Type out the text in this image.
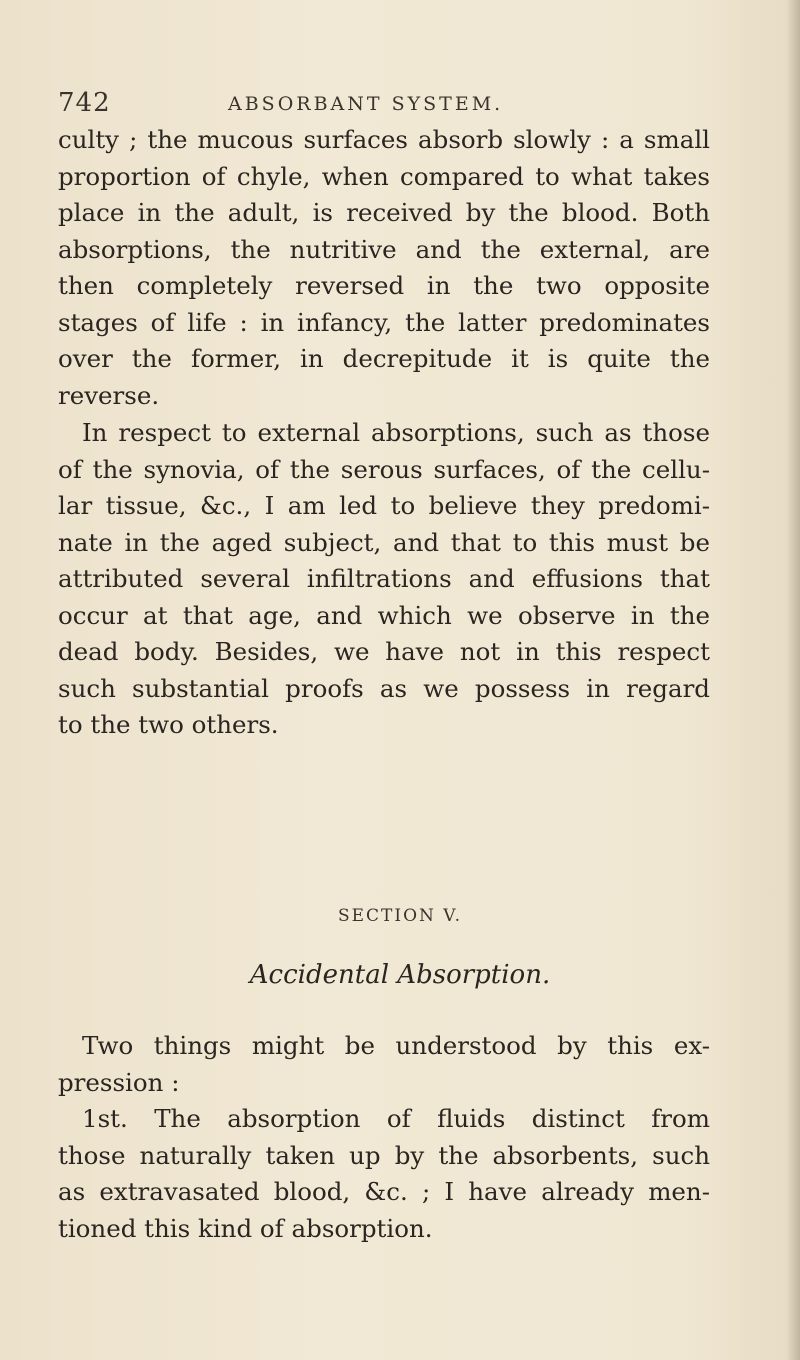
742	ABSORBANT SYSTEM.
culty ; the mucous surfaces absorb slowly : a small
proportion of chyle, when compared to what takes
place in the adult, is received by the blood. Both
absorptions, the nutritive and the external, are
then completely reversed in the two opposite
stages of life : in infancy, the latter predominates
over the former, in decrepitude it is quite the
reverse.
In respect to external absorptions, such as those
of the synovia, of the serous surfaces, of the cellu-
lar tissue, &c., I am led to believe they predomi-
nate in the aged subject, and that to this must be
attributed several infiltrations and effusions that
occur at that age, and which we observe in the
dead body. Besides, we have not in this respect
such substantial proofs as we possess in regard
to the two others.
SECTION V.
Accidental Absorption.
Two things might be understood by this ex-
pression :
1st. The absorption of fluids distinct from
those naturally taken up by the absorbents, such
as extravasated blood, &c. ; I have already men-
tioned this kind of absorption.
